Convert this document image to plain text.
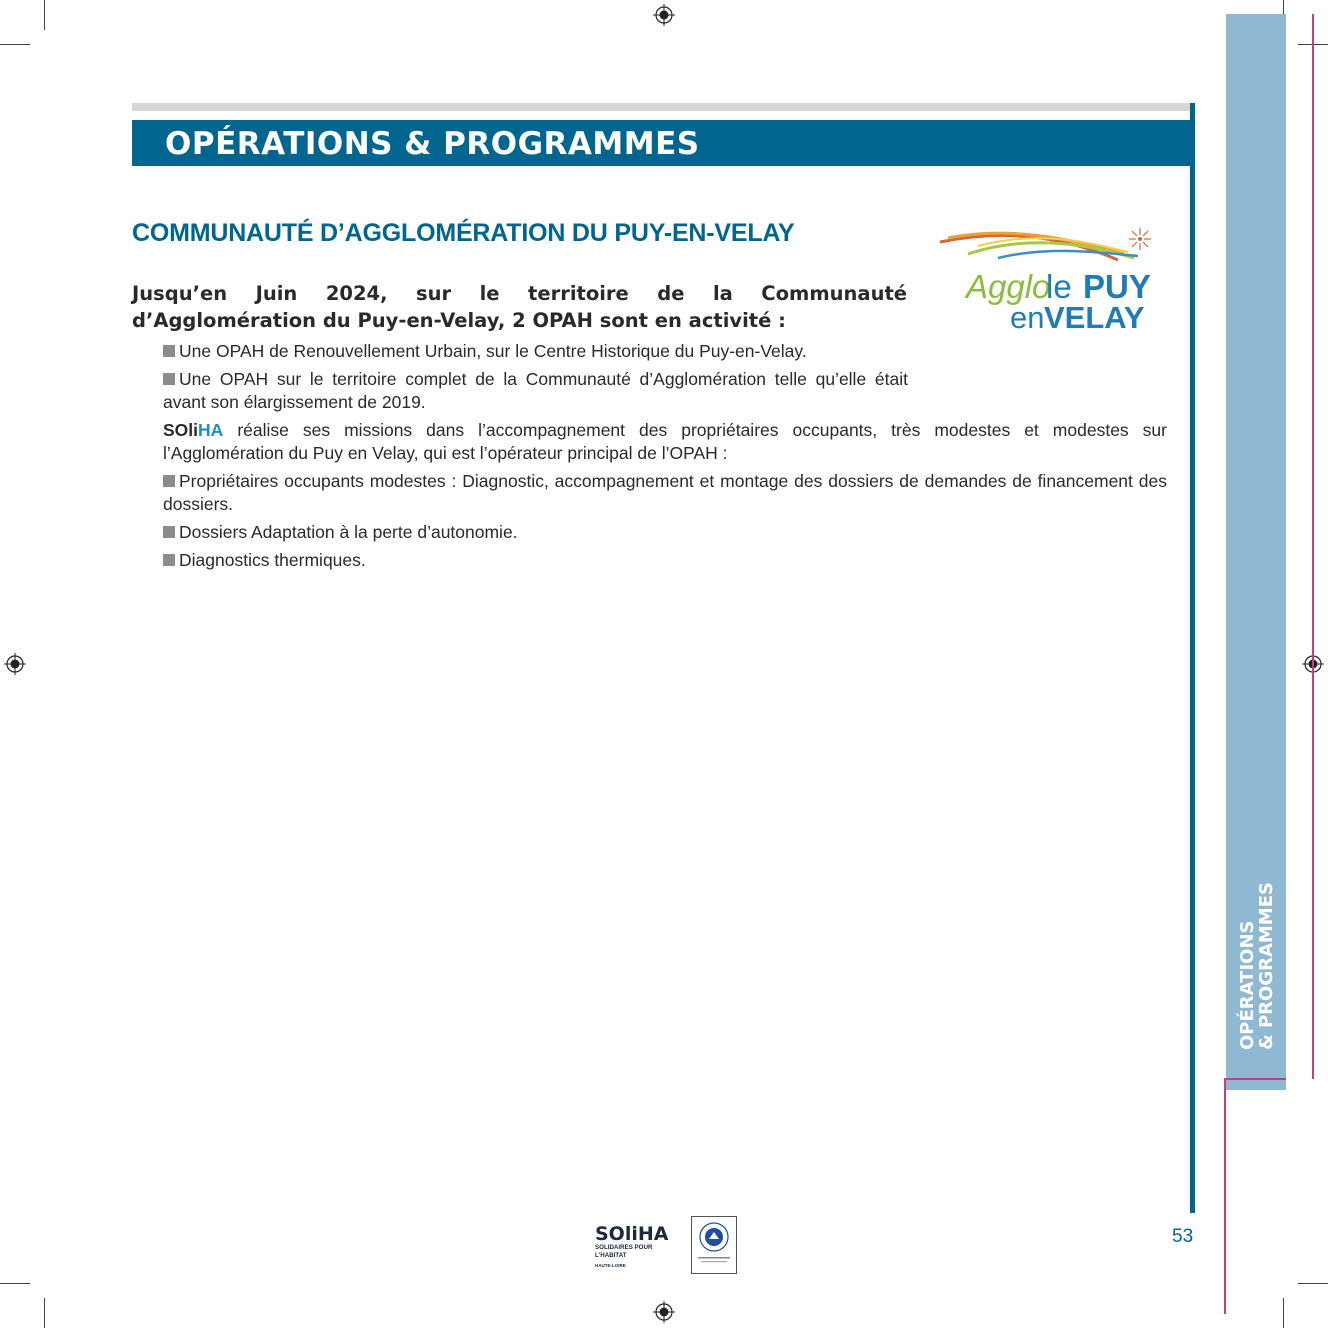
OPÉRATIONS
& PROGRAMMES
OPÉRATIONS & PROGRAMMES
COMMUNAUTÉ D’AGGLOMÉRATION DU PUY-EN-VELAY
Agglo
le PUY
en VELAY
Jusqu’en Juin 2024, sur le territoire de la Communauté d’Agglomération du Puy-en-Velay, 2 OPAH sont en activité :
Une OPAH de Renouvellement Urbain, sur le Centre Historique du Puy-en-Velay.
Une OPAH sur le territoire complet de la Communauté d’Agglomération telle qu’elle était avant son élargissement de 2019.
SOliHA réalise ses missions dans l’accompagnement des propriétaires occupants, très modestes et modestes sur l’Agglomération du Puy en Velay, qui est l’opérateur principal de l’OPAH :
Propriétaires occupants modestes : Diagnostic, accompagnement et montage des dossiers de demandes de financement des dossiers.
Dossiers Adaptation à la perte d’autonomie.
Diagnostics thermiques.
SOliHA
SOLIDAIRES POUR L'HABITAT
HAUTE-LOIRE
53
